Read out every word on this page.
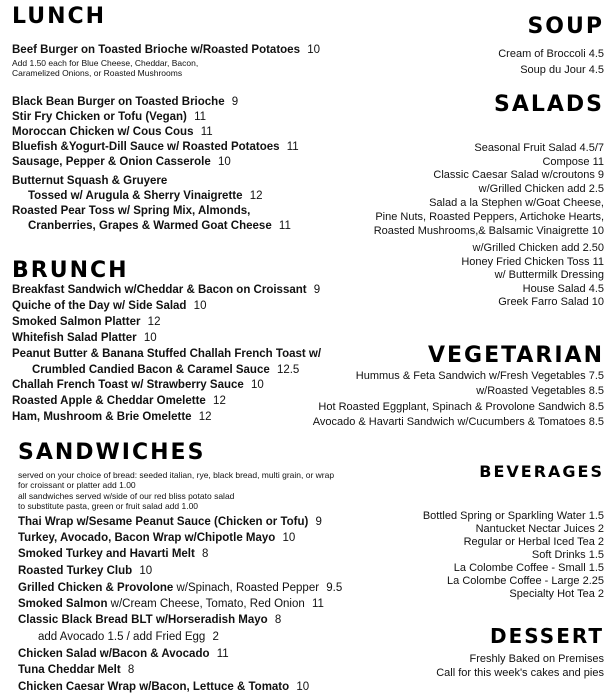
LUNCH
Beef Burger on Toasted Brioche w/Roasted Potatoes 10
Add 1.50 each for Blue Cheese, Cheddar, Bacon,
Caramelized Onions, or Roasted Mushrooms
Black Bean Burger on Toasted Brioche 9
Stir Fry Chicken or Tofu (Vegan) 11
Moroccan Chicken w/ Cous Cous 11
Bluefish &Yogurt-Dill Sauce w/ Roasted Potatoes 11
Sausage, Pepper & Onion Casserole 10
Butternut Squash & Gruyere
Tossed w/ Arugula & Sherry Vinaigrette 12
Roasted Pear Toss w/ Spring Mix, Almonds,
Cranberries, Grapes & Warmed Goat Cheese 11
BRUNCH
Breakfast Sandwich w/Cheddar & Bacon on Croissant 9
Quiche of the Day w/ Side Salad 10
Smoked Salmon Platter 12
Whitefish Salad Platter 10
Peanut Butter & Banana Stuffed Challah French Toast w/
Crumbled Candied Bacon & Caramel Sauce 12.5
Challah French Toast w/ Strawberry Sauce 10
Roasted Apple & Cheddar Omelette 12
Ham, Mushroom & Brie Omelette 12
SANDWICHES
served on your choice of bread: seeded italian, rye, black bread, multi grain, or wrap
for croissant or platter add 1.00
all sandwiches served w/side of our red bliss potato salad
to substitute pasta, green or fruit salad add 1.00
Thai Wrap w/Sesame Peanut Sauce (Chicken or Tofu) 9
Turkey, Avocado, Bacon Wrap w/Chipotle Mayo 10
Smoked Turkey and Havarti Melt 8
Roasted Turkey Club 10
Grilled Chicken & Provolone w/Spinach, Roasted Pepper 9.5
Smoked Salmon w/Cream Cheese, Tomato, Red Onion 11
Classic Black Bread BLT w/Horseradish Mayo 8
add Avocado 1.5 / add Fried Egg 2
Chicken Salad w/Bacon & Avocado 11
Tuna Cheddar Melt 8
Chicken Caesar Wrap w/Bacon, Lettuce & Tomato 10
SOUP
Cream of Broccoli 4.5
Soup du Jour 4.5
SALADS
Seasonal Fruit Salad 4.5/7
Compose 11
Classic Caesar Salad w/croutons 9
w/Grilled Chicken add 2.5
Salad a la Stephen w/Goat Cheese,
Pine Nuts, Roasted Peppers, Artichoke Hearts,
Roasted Mushrooms,& Balsamic Vinaigrette 10
w/Grilled Chicken add 2.50
Honey Fried Chicken Toss 11
w/ Buttermilk Dressing
House Salad 4.5
Greek Farro Salad 10
VEGETARIAN
Hummus & Feta Sandwich w/Fresh Vegetables 7.5
w/Roasted Vegetables 8.5
Hot Roasted Eggplant, Spinach & Provolone Sandwich 8.5
Avocado & Havarti Sandwich w/Cucumbers & Tomatoes 8.5
BEVERAGES
Bottled Spring or Sparkling Water 1.5
Nantucket Nectar Juices 2
Regular or Herbal Iced Tea 2
Soft Drinks 1.5
La Colombe Coffee - Small 1.5
La Colombe Coffee - Large 2.25
Specialty Hot Tea 2
DESSERT
Freshly Baked on Premises
Call for this week's cakes and pies
